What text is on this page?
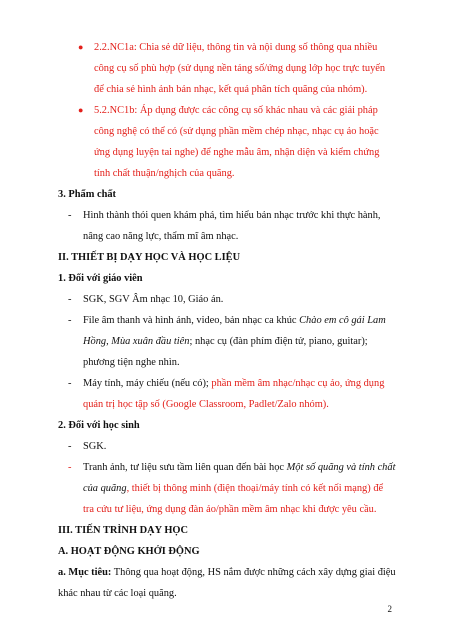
● 2.2.NC1a: Chia sẻ dữ liệu, thông tin và nội dung số thông qua nhiều
công cụ số phù hợp (sử dụng nền tảng số/ứng dụng lớp học trực tuyến
để chia sẻ hình ảnh bản nhạc, kết quả phân tích quãng của nhóm).
● 5.2.NC1b: Áp dụng được các công cụ số khác nhau và các giải pháp
công nghệ có thể có (sử dụng phần mềm chép nhạc, nhạc cụ ảo hoặc
ứng dụng luyện tai nghe) để nghe mẫu âm, nhận diện và kiểm chứng
tính chất thuận/nghịch của quãng.
3. Phẩm chất
- Hình thành thói quen khám phá, tìm hiểu bản nhạc trước khi thực hành,
nâng cao năng lực, thẩm mĩ âm nhạc.
II. THIẾT BỊ DẠY HỌC VÀ HỌC LIỆU
1. Đối với giáo viên
- SGK, SGV Âm nhạc 10, Giáo án.
- File âm thanh và hình ảnh, video, bản nhạc ca khúc Chào em cô gái Lam
Hồng, Mùa xuân đầu tiên; nhạc cụ (đàn phím điện tử, piano, guitar);
phương tiện nghe nhìn.
- Máy tính, máy chiếu (nếu có); phần mềm âm nhạc/nhạc cụ ảo, ứng dụng
quản trị học tập số (Google Classroom, Padlet/Zalo nhóm).
2. Đối với học sinh
- SGK.
- Tranh ảnh, tư liệu sưu tầm liên quan đến bài học Một số quãng và tính chất
của quãng, thiết bị thông minh (điện thoại/máy tính có kết nối mạng) để
tra cứu tư liệu, ứng dụng đàn ảo/phần mềm âm nhạc khi được yêu cầu.
III. TIẾN TRÌNH DẠY HỌC
A. HOẠT ĐỘNG KHỞI ĐỘNG
a. Mục tiêu: Thông qua hoạt động, HS nắm được những cách xây dựng giai điệu
khác nhau từ các loại quãng.
2
